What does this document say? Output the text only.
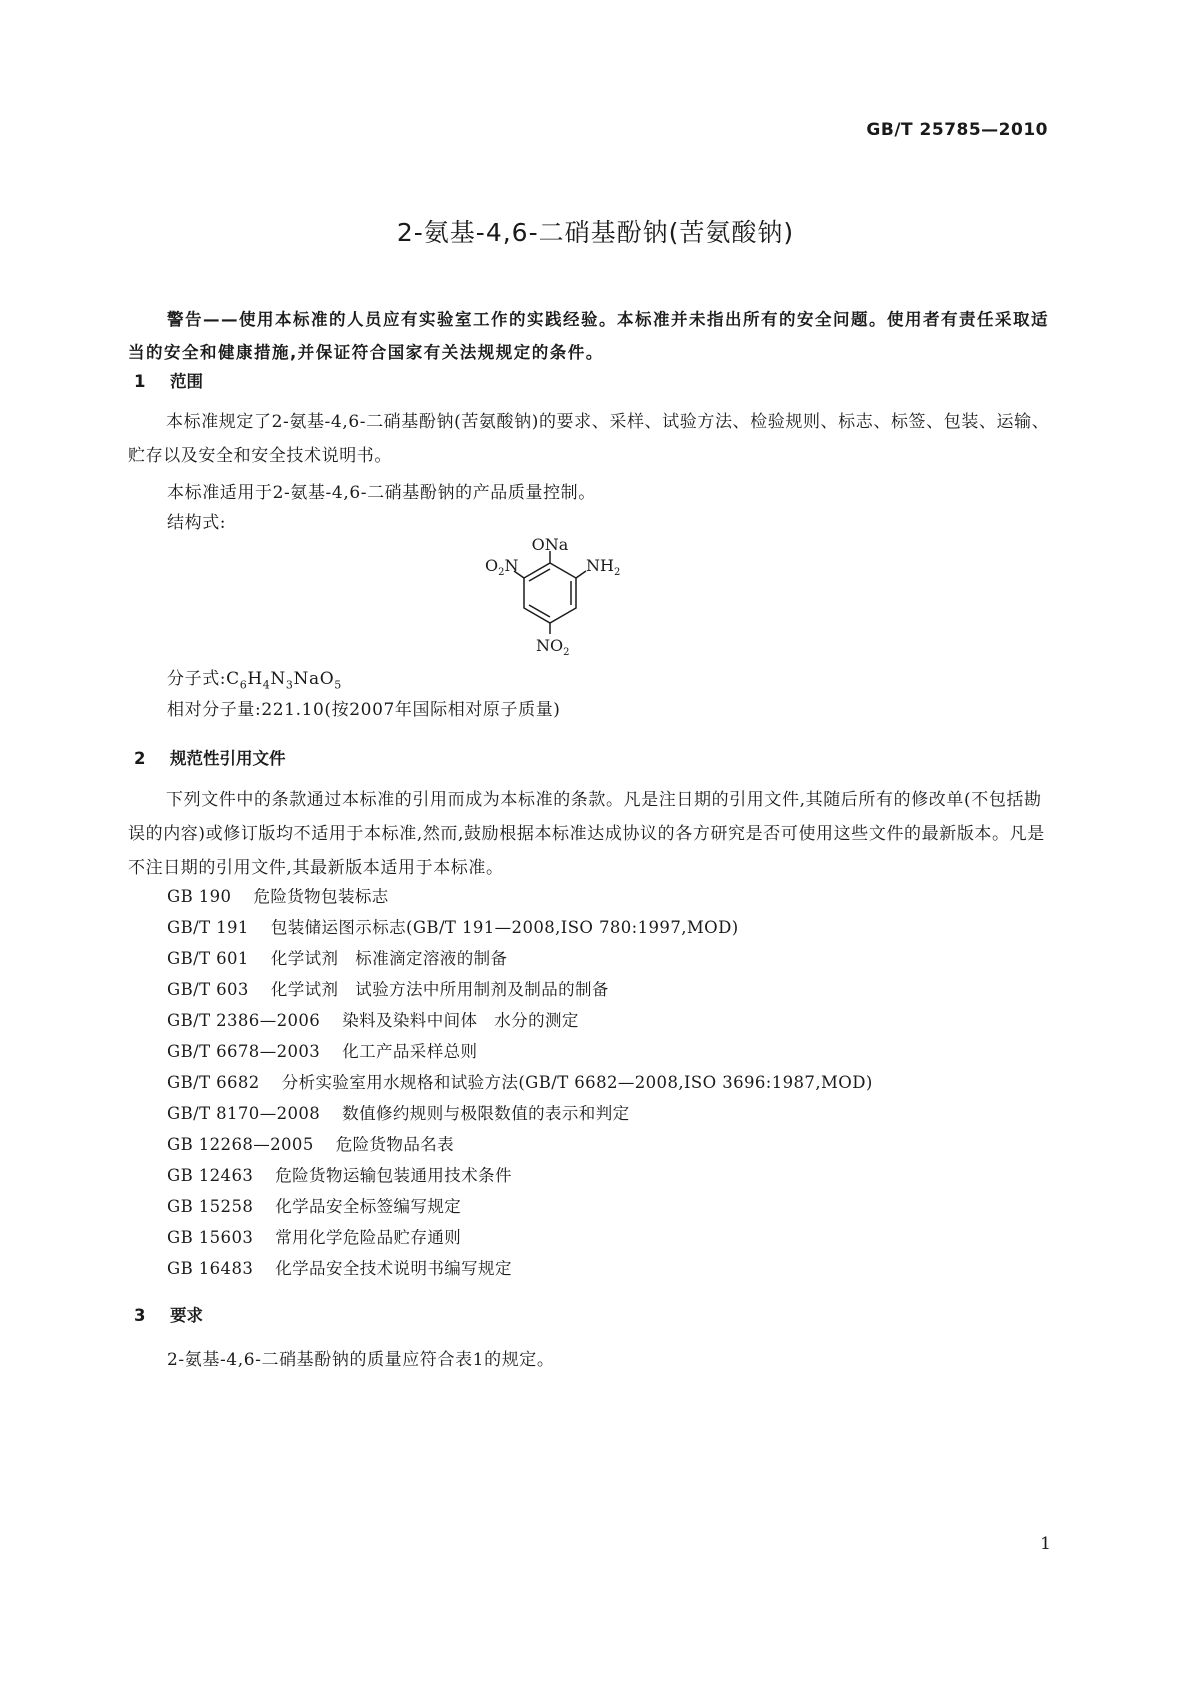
GB/T 25785—2010
2-氨基-4,6-二硝基酚钠(苦氨酸钠)

警告——使用本标准的人员应有实验室工作的实践经验。本标准并未指出所有的安全问题。使用者有责任采取适当的安全和健康措施,并保证符合国家有关法规规定的条件。

1 范围

本标准规定了2-氨基-4,6-二硝基酚钠(苦氨酸钠)的要求、采样、试验方法、检验规则、标志、标签、包装、运输、贮存以及安全和安全技术说明书。

本标准适用于2-氨基-4,6-二硝基酚钠的产品质量控制。

结构式:

ONa
$O_2N$	$NH_2$
$NO_2$

分子式$:C_6H_4N_3NaO_5$

相对分子量:221.10(按2007年国际相对原子质量)

2 规范性引用文件

下列文件中的条款通过本标准的引用而成为本标准的条款。凡是注日期的引用文件,其随后所有的修改单(不包括勘误的内容)或修订版均不适用于本标准,然而,鼓励根据本标准达成协议的各方研究是否可使用这些文件的最新版本。凡是不注日期的引用文件,其最新版本适用于本标准。

GB 190 危险货物包装标志
GB/T 191 包装储运图示标志(GB/T 191—2008,ISO 780:1997,MOD)
GB/T 601 化学试剂　标准滴定溶液的制备
GB/T 603 化学试剂　试验方法中所用制剂及制品的制备
GB/T 2386—2006 染料及染料中间体　水分的测定
GB/T 6678—2003 化工产品采样总则
GB/T 6682 分析实验室用水规格和试验方法(GB/T 6682—2008,ISO 3696:1987,MOD)
GB/T 8170—2008 数值修约规则与极限数值的表示和判定
GB 12268—2005 危险货物品名表
GB 12463 危险货物运输包装通用技术条件
GB 15258 化学品安全标签编写规定
GB 15603 常用化学危险品贮存通则
GB 16483 化学品安全技术说明书编写规定
3 要求

2-氨基-4,6-二硝基酚钠的质量应符合表1的规定。

1
